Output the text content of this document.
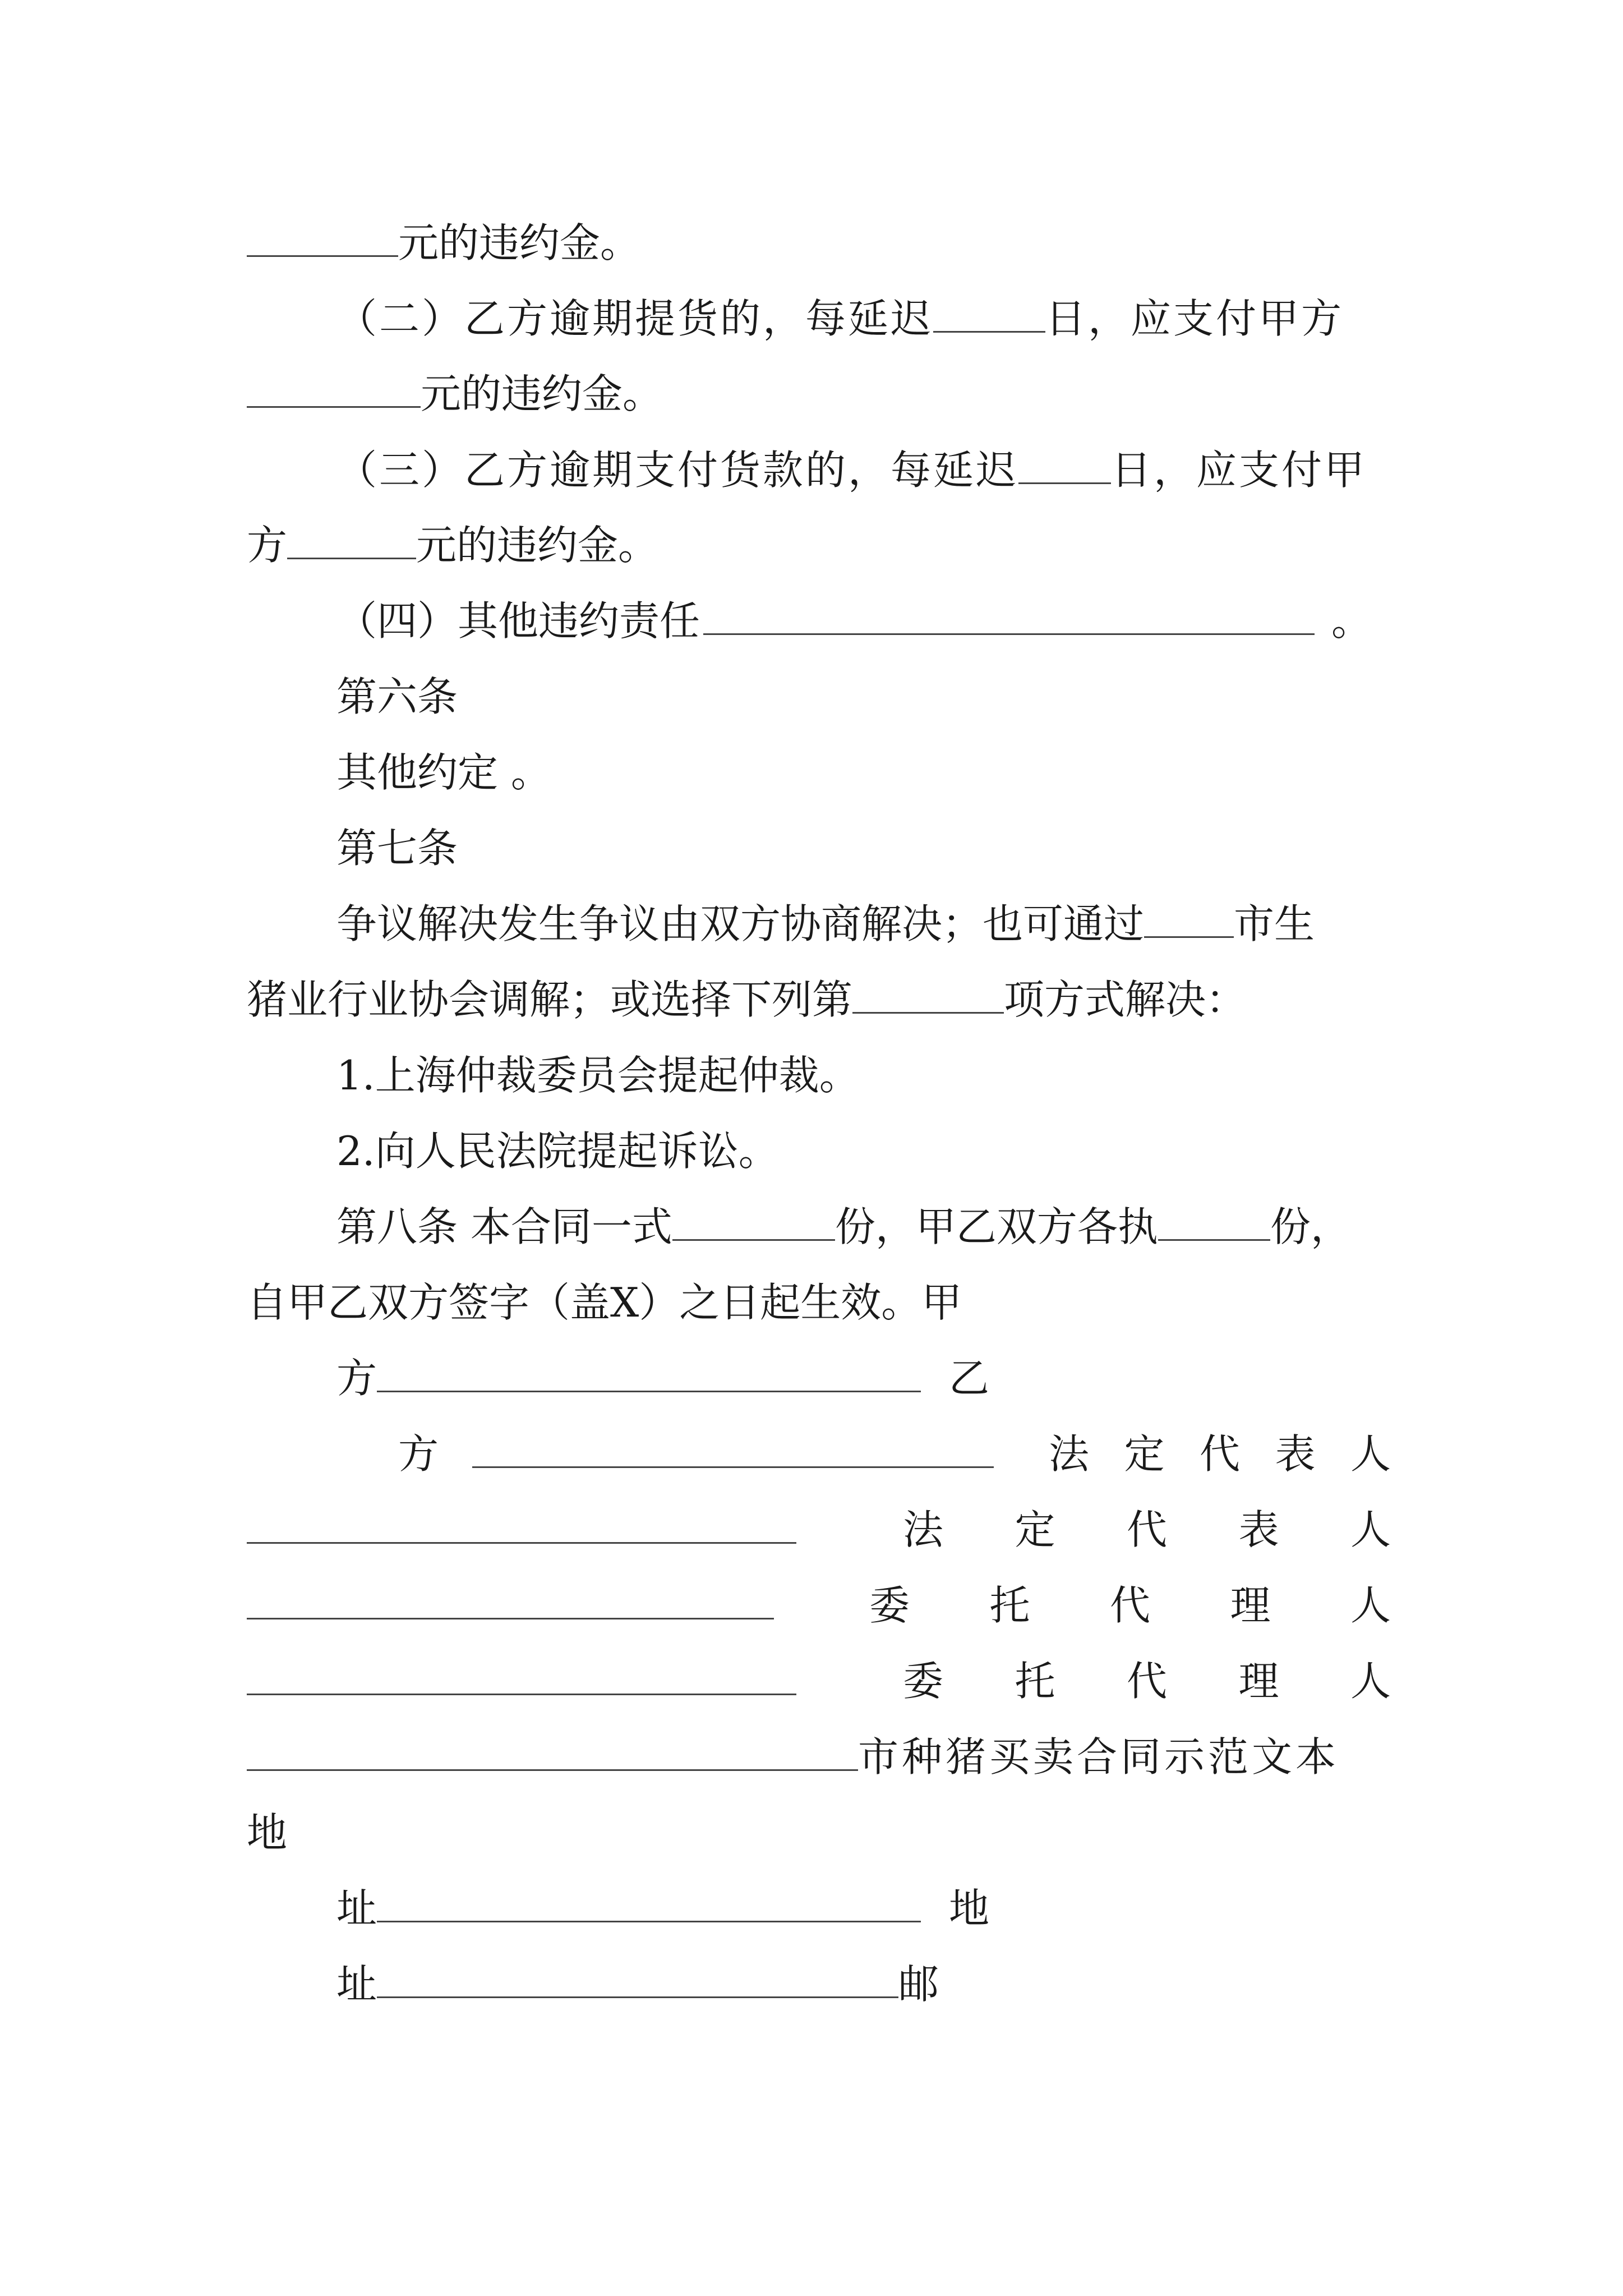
元的违约金。
（二）乙方逾期提货的，每延迟	日，应支付甲方
元的违约金。
（三）乙方逾期支付货款的，每延迟 日，应支付甲
方	元的违约金。
（四）其他违约责任	。
第六条
其他约定 。
第七条
争议解决发生争议由双方协商解决；也可通过 市生
猪业行业协会调解；或选择下列第	项方式解决：
1.上海仲裁委员会提起仲裁。
2.向人民法院提起诉讼。
第八条 本合同一式	份，甲乙双方各执	份，
自甲乙双方签字（盖X）之日起生效。甲
方	乙
方	法 定 代 表 人
法 定 代 表 人
委 托 代 理 人
委 托 代 理 人
市种猪买卖合同示范文本
地
址	地
址	邮
